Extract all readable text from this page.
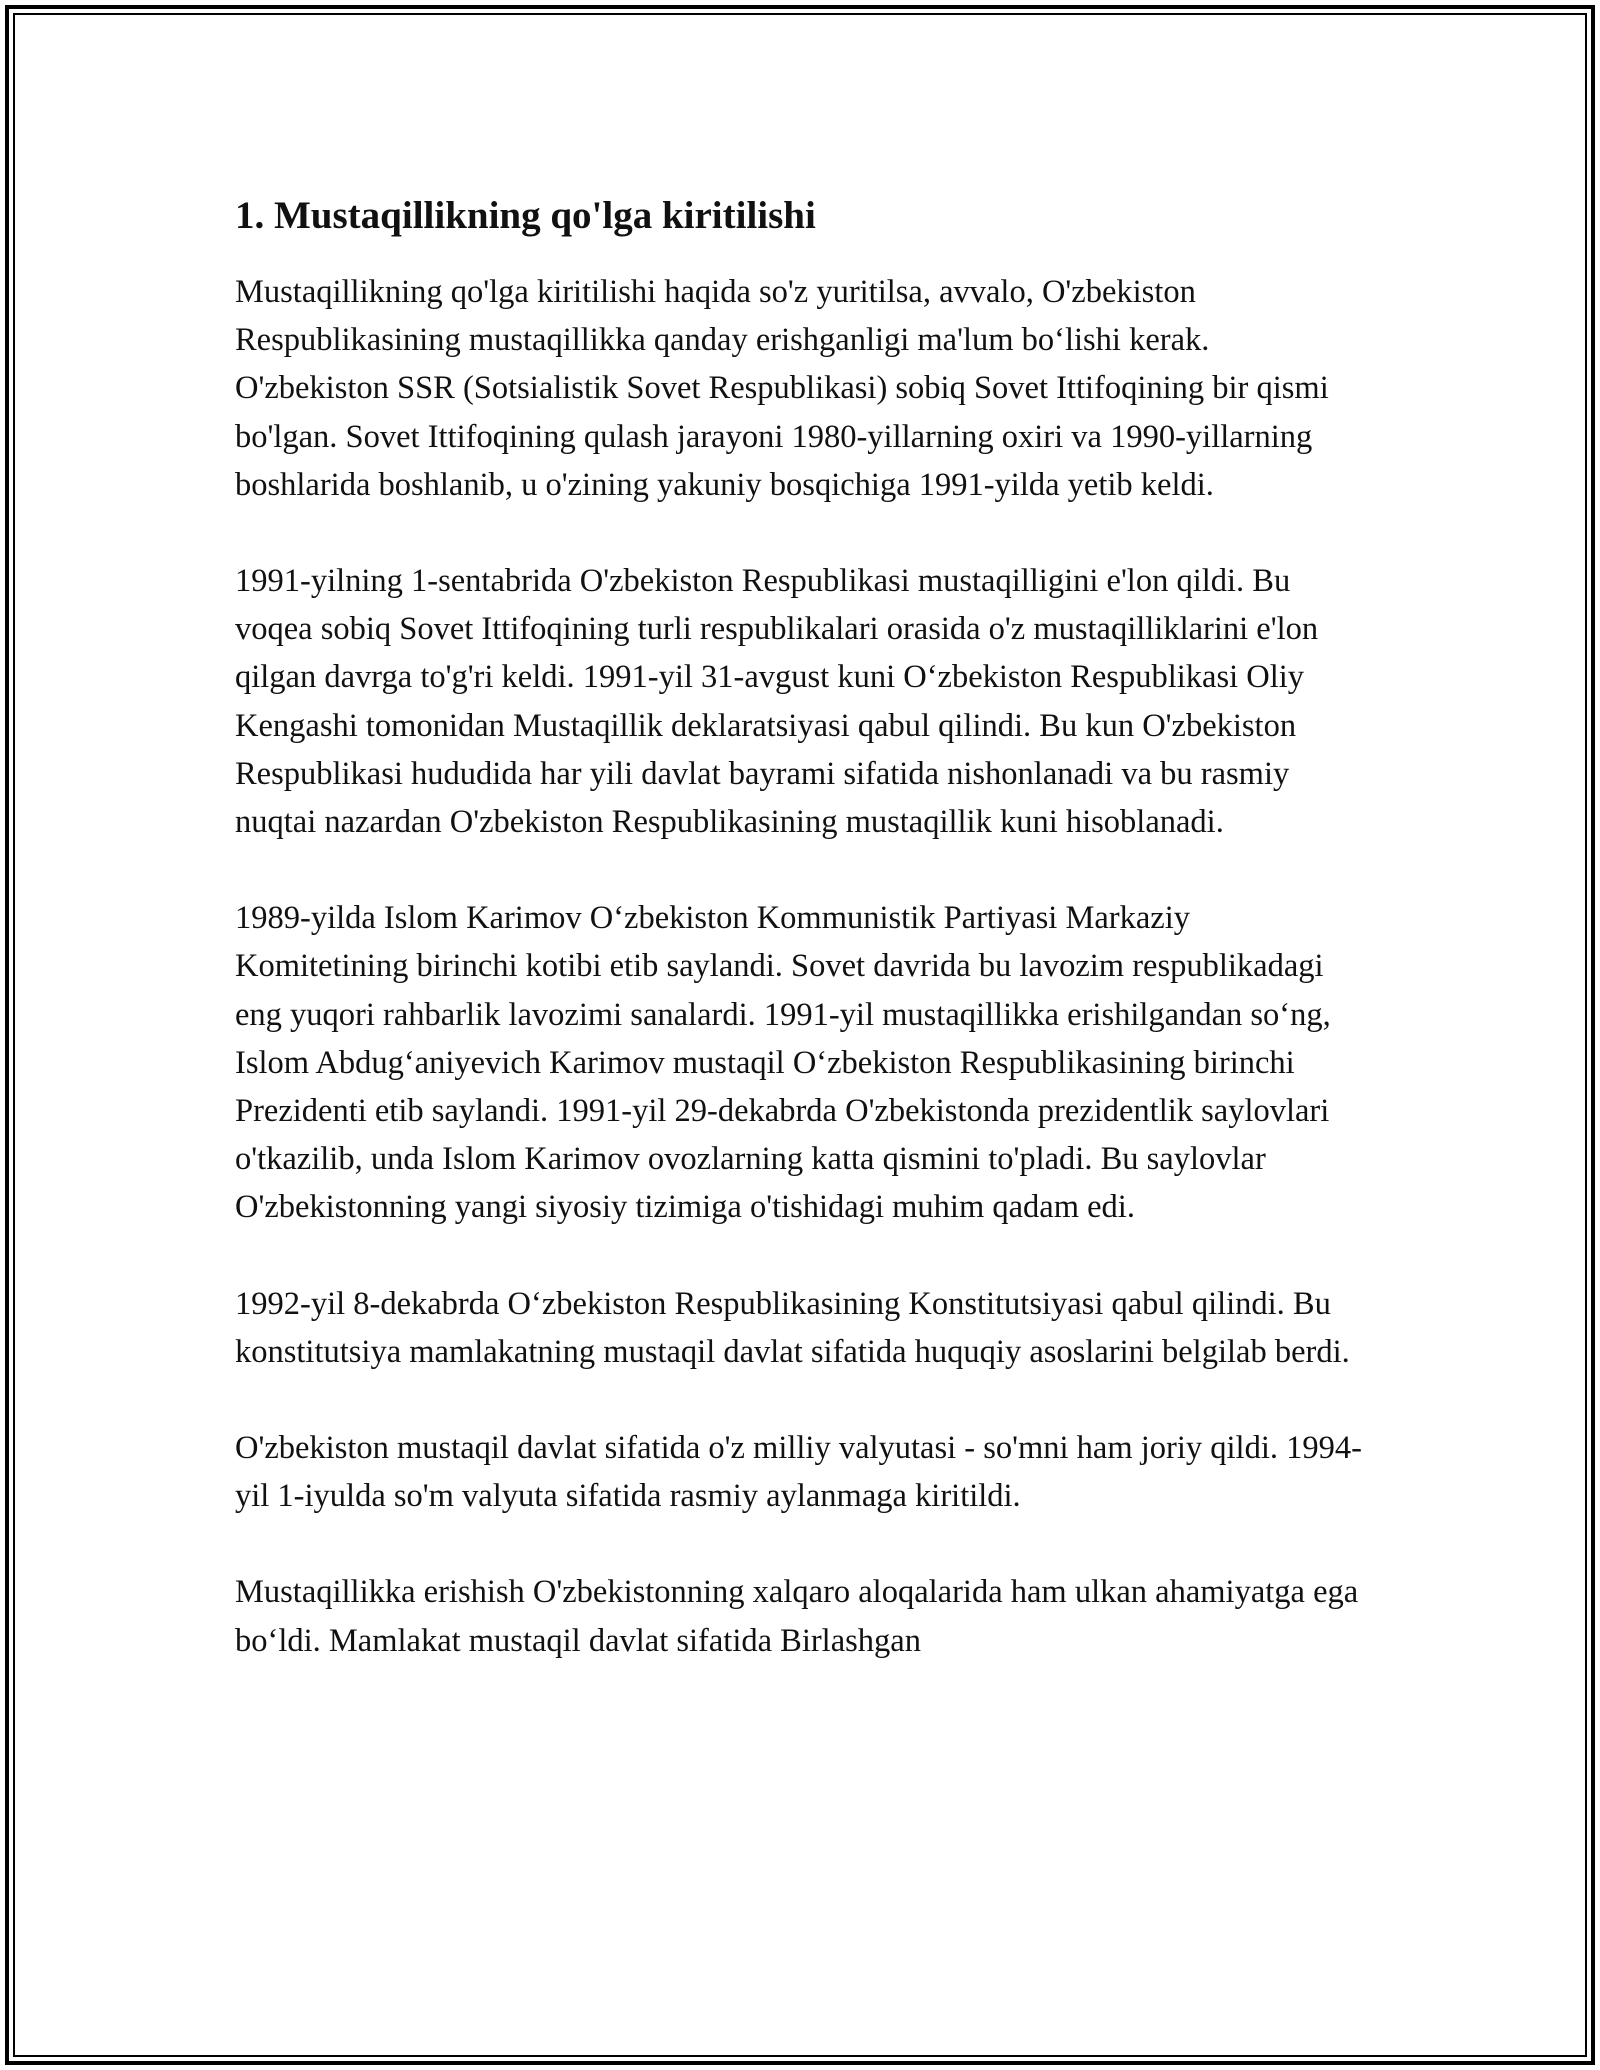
1. Mustaqillikning qo'lga kiritilishi

Mustaqillikning qo'lga kiritilishi haqida so'z yuritilsa, avvalo, O'zbekiston Respublikasining mustaqillikka qanday erishganligi ma'lum bo‘lishi kerak. O'zbekiston SSR (Sotsialistik Sovet Respublikasi) sobiq Sovet Ittifoqining bir qismi bo'lgan. Sovet Ittifoqining qulash jarayoni 1980-yillarning oxiri va 1990-yillarning boshlarida boshlanib, u o'zining yakuniy bosqichiga 1991-yilda yetib keldi.

1991-yilning 1-sentabrida O'zbekiston Respublikasi mustaqilligini e'lon qildi. Bu voqea sobiq Sovet Ittifoqining turli respublikalari orasida o'z mustaqilliklarini e'lon qilgan davrga to'g'ri keldi. 1991-yil 31-avgust kuni O‘zbekiston Respublikasi Oliy Kengashi tomonidan Mustaqillik deklaratsiyasi qabul qilindi. Bu kun O'zbekiston Respublikasi hududida har yili davlat bayrami sifatida nishonlanadi va bu rasmiy nuqtai nazardan O'zbekiston Respublikasining mustaqillik kuni hisoblanadi.

1989-yilda Islom Karimov O‘zbekiston Kommunistik Partiyasi Markaziy Komitetining birinchi kotibi etib saylandi. Sovet davrida bu lavozim respublikadagi eng yuqori rahbarlik lavozimi sanalardi. 1991-yil mustaqillikka erishilgandan so‘ng, Islom Abdug‘aniyevich Karimov mustaqil O‘zbekiston Respublikasining birinchi Prezidenti etib saylandi. 1991-yil 29-dekabrda O'zbekistonda prezidentlik saylovlari o'tkazilib, unda Islom Karimov ovozlarning katta qismini to'pladi. Bu saylovlar O'zbekistonning yangi siyosiy tizimiga o'tishidagi muhim qadam edi.

1992-yil 8-dekabrda O‘zbekiston Respublikasining Konstitutsiyasi qabul qilindi. Bu konstitutsiya mamlakatning mustaqil davlat sifatida huquqiy asoslarini belgilab berdi.

O'zbekiston mustaqil davlat sifatida o'z milliy valyutasi - so'mni ham joriy qildi. 1994-yil 1-iyulda so'm valyuta sifatida rasmiy aylanmaga kiritildi.

Mustaqillikka erishish O'zbekistonning xalqaro aloqalarida ham ulkan ahamiyatga ega bo‘ldi. Mamlakat mustaqil davlat sifatida Birlashgan
